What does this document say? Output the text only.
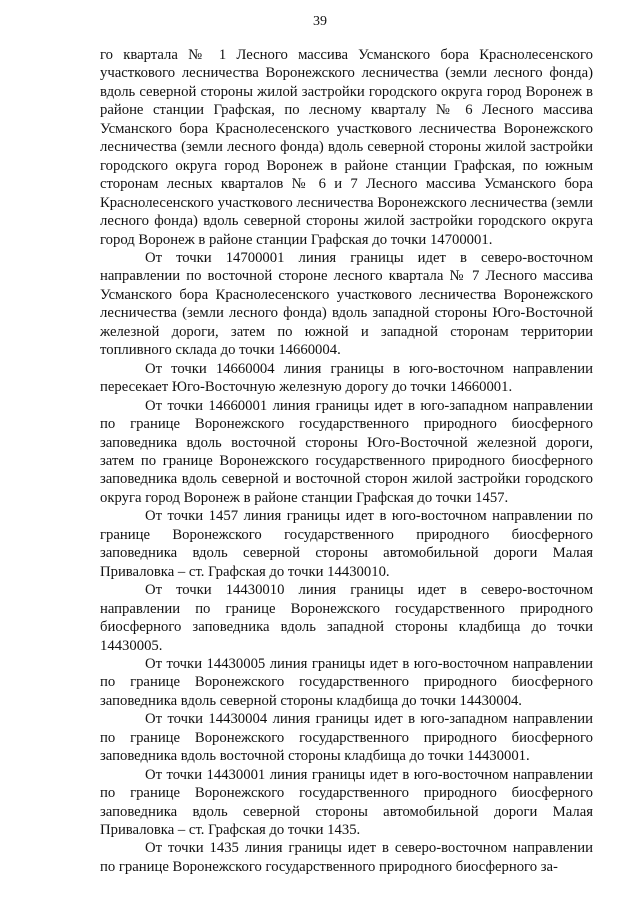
39

го квартала № 1 Лесного массива Усманского бора Краснолесенского участкового лесничества Воронежского лесничества (земли лесного фонда) вдоль северной стороны жилой застройки городского округа город Воронеж в районе станции Графская, по лесному кварталу № 6 Лесного массива Усманского бора Краснолесенского участкового лесничества Воронежского лесничества (земли лесного фонда) вдоль северной стороны жилой застройки городского округа город Воронеж в районе станции Графская, по южным сторонам лесных кварталов № 6 и 7 Лесного массива Усманского бора Краснолесенского участкового лесничества Воронежского лесничества (земли лесного фонда) вдоль северной стороны жилой застройки городского округа город Воронеж в районе станции Графская до точки 14700001.

От точки 14700001 линия границы идет в северо-восточном направлении по восточной стороне лесного квартала № 7 Лесного массива Усманского бора Краснолесенского участкового лесничества Воронежского лесничества (земли лесного фонда) вдоль западной стороны Юго-Восточной железной дороги, затем по южной и западной сторонам территории топливного склада до точки 14660004.

От точки 14660004 линия границы в юго-восточном направлении пересекает Юго-Восточную железную дорогу до точки 14660001.

От точки 14660001 линия границы идет в юго-западном направлении по границе Воронежского государственного природного биосферного заповедника вдоль восточной стороны Юго-Восточной железной дороги, затем по границе Воронежского государственного природного биосферного заповедника вдоль северной и восточной сторон жилой застройки городского округа город Воронеж в районе станции Графская до точки 1457.

От точки 1457 линия границы идет в юго-восточном направлении по границе Воронежского государственного природного биосферного заповедника вдоль северной стороны автомобильной дороги Малая Приваловка – ст. Графская до точки 14430010.

От точки 14430010 линия границы идет в северо-восточном направлении по границе Воронежского государственного природного биосферного заповедника вдоль западной стороны кладбища до точки 14430005.

От точки 14430005 линия границы идет в юго-восточном направлении по границе Воронежского государственного природного биосферного заповедника вдоль северной стороны кладбища до точки 14430004.

От точки 14430004 линия границы идет в юго-западном направлении по границе Воронежского государственного природного биосферного заповедника вдоль восточной стороны кладбища до точки 14430001.

От точки 14430001 линия границы идет в юго-восточном направлении по границе Воронежского государственного природного биосферного заповедника вдоль северной стороны автомобильной дороги Малая Приваловка – ст. Графская до точки 1435.

От точки 1435 линия границы идет в северо-восточном направлении по границе Воронежского государственного природного биосферного за-
